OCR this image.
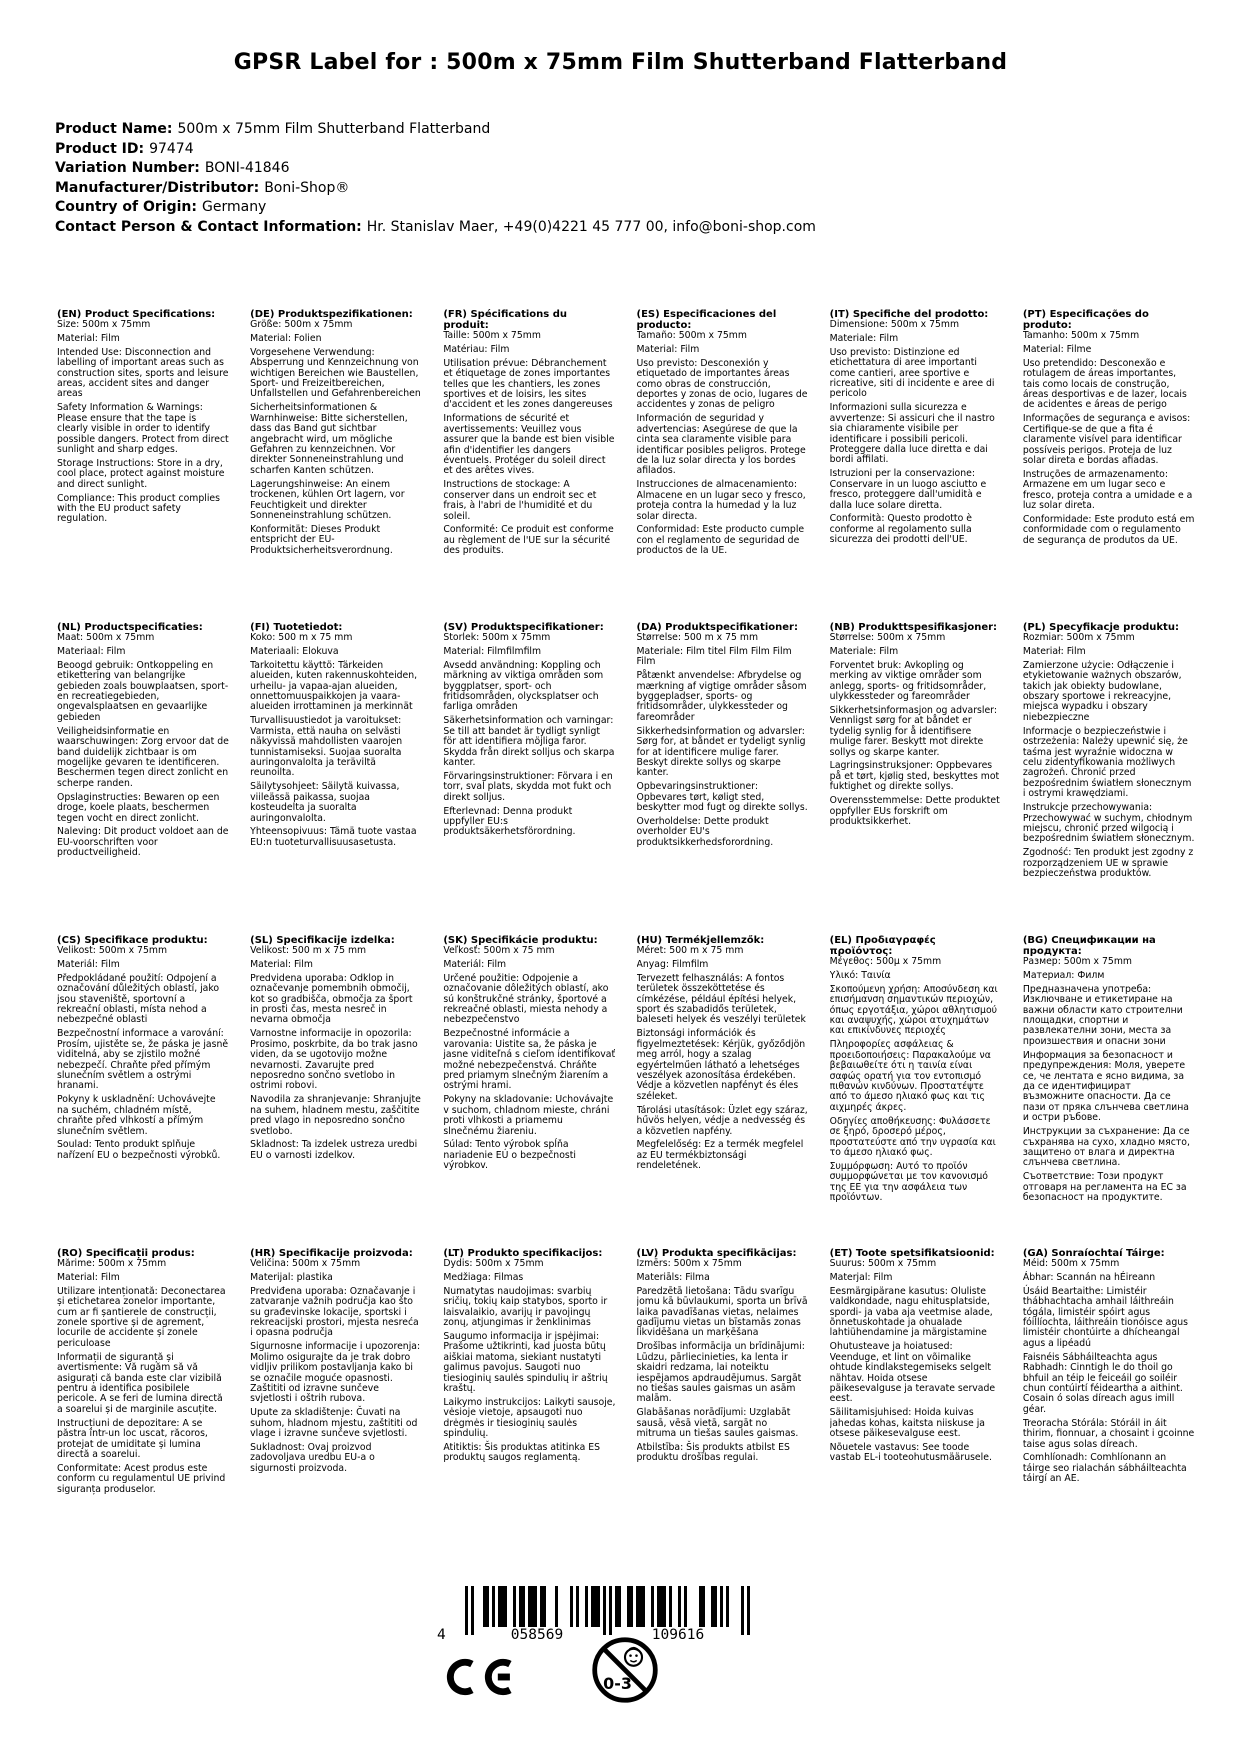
GPSR Label for : 500m x 75mm Film Shutterband Flatterband
Product Name: 500m x 75mm Film Shutterband Flatterband
Product ID: 97474
Variation Number: BONI-41846
Manufacturer/Distributor: Boni-Shop®
Country of Origin: Germany
Contact Person & Contact Information: Hr. Stanislav Maer, +49(0)4221 45 777 00, info@boni-shop.com
(EN) Product Specifications:

Size: 500m x 75mm

Material: Film

Intended Use: Disconnection and labelling of important areas such as construction sites, sports and leisure areas, accident sites and danger areas

Safety Information & Warnings: Please ensure that the tape is clearly visible in order to identify possible dangers. Protect from direct sunlight and sharp edges.

Storage Instructions: Store in a dry, cool place, protect against moisture and direct sunlight.

Compliance: This product complies with the EU product safety regulation.

(DE) Produktspezifikationen:

Größe: 500m x 75mm

Material: Folien

Vorgesehene Verwendung: Absperrung und Kennzeichnung von wichtigen Bereichen wie Baustellen, Sport- und Freizeitbereichen, Unfallstellen und Gefahrenbereichen

Sicherheitsinformationen & Warnhinweise: Bitte sicherstellen, dass das Band gut sichtbar angebracht wird, um mögliche Gefahren zu kennzeichnen. Vor direkter Sonneneinstrahlung und scharfen Kanten schützen.

Lagerungshinweise: An einem trockenen, kühlen Ort lagern, vor Feuchtigkeit und direkter Sonneneinstrahlung schützen.

Konformität: Dieses Produkt entspricht der EU-Produktsicherheitsverordnung.

(FR) Spécifications du produit:

Taille: 500m x 75mm

Matériau: Film

Utilisation prévue: Débranchement et étiquetage de zones importantes telles que les chantiers, les zones sportives et de loisirs, les sites d'accident et les zones dangereuses

Informations de sécurité et avertissements: Veuillez vous assurer que la bande est bien visible afin d'identifier les dangers éventuels. Protéger du soleil direct et des arêtes vives.

Instructions de stockage: A conserver dans un endroit sec et frais, à l'abri de l'humidité et du soleil.

Conformité: Ce produit est conforme au règlement de l'UE sur la sécurité des produits.

(ES) Especificaciones del producto:

Tamaño: 500m x 75mm

Material: Film

Uso previsto: Desconexión y etiquetado de importantes áreas como obras de construcción, deportes y zonas de ocio, lugares de accidentes y zonas de peligro

Información de seguridad y advertencias: Asegúrese de que la cinta sea claramente visible para identificar posibles peligros. Protege de la luz solar directa y los bordes afilados.

Instrucciones de almacenamiento: Almacene en un lugar seco y fresco, proteja contra la humedad y la luz solar directa.

Conformidad: Este producto cumple con el reglamento de seguridad de productos de la UE.

(IT) Specifiche del prodotto:

Dimensione: 500m x 75mm

Materiale: Film

Uso previsto: Distinzione ed etichettatura di aree importanti come cantieri, aree sportive e ricreative, siti di incidente e aree di pericolo

Informazioni sulla sicurezza e avvertenze: Si assicuri che il nastro sia chiaramente visibile per identificare i possibili pericoli. Proteggere dalla luce diretta e dai bordi affilati.

Istruzioni per la conservazione: Conservare in un luogo asciutto e fresco, proteggere dall'umidità e dalla luce solare diretta.

Conformità: Questo prodotto è conforme al regolamento sulla sicurezza dei prodotti dell'UE.

(PT) Especificações do produto:

Tamanho: 500m x 75mm

Material: Filme

Uso pretendido: Desconexão e rotulagem de áreas importantes, tais como locais de construção, áreas desportivas e de lazer, locais de acidentes e áreas de perigo

Informações de segurança e avisos: Certifique-se de que a fita é claramente visível para identificar possíveis perigos. Proteja de luz solar direta e bordas afiadas.

Instruções de armazenamento: Armazene em um lugar seco e fresco, proteja contra a umidade e a luz solar direta.

Conformidade: Este produto está em conformidade com o regulamento de segurança de produtos da UE.

(NL) Productspecificaties:

Maat: 500m x 75mm

Materiaal: Film

Beoogd gebruik: Ontkoppeling en etikettering van belangrijke gebieden zoals bouwplaatsen, sport- en recreatiegebieden, ongevalsplaatsen en gevaarlijke gebieden

Veiligheidsinformatie en waarschuwingen: Zorg ervoor dat de band duidelijk zichtbaar is om mogelijke gevaren te identificeren. Beschermen tegen direct zonlicht en scherpe randen.

Opslaginstructies: Bewaren op een droge, koele plaats, beschermen tegen vocht en direct zonlicht.

Naleving: Dit product voldoet aan de EU-voorschriften voor productveiligheid.

(FI) Tuotetiedot:

Koko: 500 m x 75 mm

Materiaali: Elokuva

Tarkoitettu käyttö: Tärkeiden alueiden, kuten rakennuskohteiden, urheilu- ja vapaa-ajan alueiden, onnettomuuspaikkojen ja vaara-alueiden irrottaminen ja merkinnät

Turvallisuustiedot ja varoitukset: Varmista, että nauha on selvästi näkyvissä mahdollisten vaarojen tunnistamiseksi. Suojaa suoralta auringonvalolta ja teräviltä reunoilta.

Säilytysohjeet: Säilytä kuivassa, viileässä paikassa, suojaa kosteudelta ja suoralta auringonvalolta.

Yhteensopivuus: Tämä tuote vastaa EU:n tuoteturvallisuusasetusta.

(SV) Produktspecifikationer:

Storlek: 500m x 75mm

Material: Filmfilmfilm

Avsedd användning: Koppling och märkning av viktiga områden som byggplatser, sport- och fritidsområden, olycksplatser och farliga områden

Säkerhetsinformation och varningar: Se till att bandet är tydligt synligt för att identifiera möjliga faror. Skydda från direkt solljus och skarpa kanter.

Förvaringsinstruktioner: Förvara i en torr, sval plats, skydda mot fukt och direkt solljus.

Efterlevnad: Denna produkt uppfyller EU:s produktsäkerhetsförordning.

(DA) Produktspecifikationer:

Størrelse: 500 m x 75 mm

Materiale: Film titel Film Film Film Film

Påtænkt anvendelse: Afbrydelse og mærkning af vigtige områder såsom byggepladser, sports- og fritidsområder, ulykkessteder og fareområder

Sikkerhedsinformation og advarsler: Sørg for, at båndet er tydeligt synlig for at identificere mulige farer. Beskyt direkte sollys og skarpe kanter.

Opbevaringsinstruktioner: Opbevares tørt, køligt sted, beskytter mod fugt og direkte sollys.

Overholdelse: Dette produkt overholder EU's produktsikkerhedsforordning.

(NB) Produkttspesifikasjoner:

Størrelse: 500m x 75mm

Materiale: Film

Forventet bruk: Avkopling og merking av viktige områder som anlegg, sports- og fritidsområder, ulykkessteder og fareområder

Sikkerhetsinformasjon og advarsler: Vennligst sørg for at båndet er tydelig synlig for å identifisere mulige farer. Beskytt mot direkte sollys og skarpe kanter.

Lagringsinstruksjoner: Oppbevares på et tørt, kjølig sted, beskyttes mot fuktighet og direkte sollys.

Overensstemmelse: Dette produktet oppfyller EUs forskrift om produktsikkerhet.

(PL) Specyfikacje produktu:

Rozmiar: 500m x 75mm

Materiał: Film

Zamierzone użycie: Odłączenie i etykietowanie ważnych obszarów, takich jak obiekty budowlane, obszary sportowe i rekreacyjne, miejsca wypadku i obszary niebezpieczne

Informacje o bezpieczeństwie i ostrzeżenia: Należy upewnić się, że taśma jest wyraźnie widoczna w celu zidentyfikowania możliwych zagrożeń. Chronić przed bezpośrednim światłem słonecznym i ostrymi krawędziami.

Instrukcje przechowywania: Przechowywać w suchym, chłodnym miejscu, chronić przed wilgocią i bezpośrednim światłem słonecznym.

Zgodność: Ten produkt jest zgodny z rozporządzeniem UE w sprawie bezpieczeństwa produktów.

(CS) Specifikace produktu:

Velikost: 500m x 75mm

Materiál: Film

Předpokládané použití: Odpojení a označování důležitých oblastí, jako jsou staveniště, sportovní a rekreační oblasti, místa nehod a nebezpečné oblasti

Bezpečnostní informace a varování: Prosím, ujistěte se, že páska je jasně viditelná, aby se zjistilo možné nebezpečí. Chraňte před přímým slunečním světlem a ostrými hranami.

Pokyny k uskladnění: Uchovávejte na suchém, chladném místě, chraňte před vlhkostí a přímým slunečním světlem.

Soulad: Tento produkt splňuje nařízení EU o bezpečnosti výrobků.

(SL) Specifikacije izdelka:

Velikost: 500 m x 75 mm

Material: Film

Predvidena uporaba: Odklop in označevanje pomembnih območij, kot so gradbišča, območja za šport in prosti čas, mesta nesreč in nevarna območja

Varnostne informacije in opozorila: Prosimo, poskrbite, da bo trak jasno viden, da se ugotovijo možne nevarnosti. Zavarujte pred neposredno sončno svetlobo in ostrimi robovi.

Navodila za shranjevanje: Shranjujte na suhem, hladnem mestu, zaščitite pred vlago in neposredno sončno svetlobo.

Skladnost: Ta izdelek ustreza uredbi EU o varnosti izdelkov.

(SK) Špecifikácie produktu:

Veľkosť: 500m x 75 mm

Materiál: Film

Určené použitie: Odpojenie a označovanie dôležitých oblastí, ako sú konštrukčné stránky, športové a rekreačné oblasti, miesta nehody a nebezpečenstvo

Bezpečnostné informácie a varovania: Uistite sa, že páska je jasne viditeľná s cieľom identifikovať možné nebezpečenstvá. Chráňte pred priamym slnečným žiarením a ostrými hrami.

Pokyny na skladovanie: Uchovávajte v suchom, chladnom mieste, chráni proti vlhkosti a priamemu slnečnému žiareniu.

Súlad: Tento výrobok spĺňa nariadenie EÚ o bezpečnosti výrobkov.

(HU) Termékjellemzők:

Méret: 500 m x 75 mm

Anyag: Filmfilm

Tervezett felhasználás: A fontos területek összeköttetése és címkézése, például építési helyek, sport és szabadidős területek, baleseti helyek és veszélyi területek

Biztonsági információk és figyelmeztetések: Kérjük, győződjön meg arról, hogy a szalag egyértelműen látható a lehetséges veszélyek azonosítása érdekében. Védje a közvetlen napfényt és éles széleket.

Tárolási utasítások: Üzlet egy száraz, hűvös helyen, védje a nedvesség és a közvetlen napfény.

Megfelelőség: Ez a termék megfelel az EU termékbiztonsági rendeletének.

(EL) Προδιαγραφές προϊόντος:

Μέγεθος: 500μ x 75mm

Υλικό: Ταινία

Σκοπούμενη χρήση: Αποσύνδεση και επισήμανση σημαντικών περιοχών, όπως εργοτάξια, χώροι αθλητισμού και αναψυχής, χώροι ατυχημάτων και επικίνδυνες περιοχές

Πληροφορίες ασφάλειας & προειδοποιήσεις: Παρακαλούμε να βεβαιωθείτε ότι η ταινία είναι σαφώς ορατή για τον εντοπισμό πιθανών κινδύνων. Προστατέψτε από το άμεσο ηλιακό φως και τις αιχμηρές άκρες.

Οδηγίες αποθήκευσης: Φυλάσσετε σε ξηρό, δροσερό μέρος, προστατεύστε από την υγρασία και το άμεσο ηλιακό φως.

Συμμόρφωση: Αυτό το προϊόν συμμορφώνεται με τον κανονισμό της ΕΕ για την ασφάλεια των προϊόντων.

(BG) Спецификации на продукта:

Размер: 500m x 75mm

Материал: Филм

Предназначена употреба: Изключване и етикетиране на важни области като строителни площадки, спортни и развлекателни зони, места за произшествия и опасни зони

Информация за безопасност и предупреждения: Моля, уверете се, че лентата е ясно видима, за да се идентифицират възможните опасности. Да се пази от пряка слънчева светлина и остри ръбове.

Инструкции за съхранение: Да се съхранява на сухо, хладно място, защитено от влага и директна слънчева светлина.

Съответствие: Този продукт отговаря на регламента на ЕС за безопасност на продуктите.

(RO) Specificații produs:

Mărime: 500m x 75mm

Material: Film

Utilizare intenționată: Deconectarea și etichetarea zonelor importante, cum ar fi șantierele de construcții, zonele sportive și de agrement, locurile de accidente și zonele periculoase

Informații de siguranță și avertismente: Vă rugăm să vă asigurați că banda este clar vizibilă pentru a identifica posibilele pericole. A se feri de lumina directă a soarelui și de marginile ascuțite.

Instrucțiuni de depozitare: A se păstra într-un loc uscat, răcoros, protejat de umiditate și lumina directă a soarelui.

Conformitate: Acest produs este conform cu regulamentul UE privind siguranța produselor.

(HR) Specifikacije proizvoda:

Veličina: 500m x 75mm

Materijal: plastika

Predviđena uporaba: Označavanje i zatvaranje važnih područja kao što su građevinske lokacije, sportski i rekreacijski prostori, mjesta nesreća i opasna područja

Sigurnosne informacije i upozorenja: Molimo osigurajte da je trak dobro vidljiv prilikom postavljanja kako bi se označile moguće opasnosti. Zaštititi od izravne sunčeve svjetlosti i oštrih rubova.

Upute za skladištenje: Čuvati na suhom, hladnom mjestu, zaštititi od vlage i izravne sunčeve svjetlosti.

Sukladnost: Ovaj proizvod zadovoljava uredbu EU-a o sigurnosti proizvoda.

(LT) Produkto specifikacijos:

Dydis: 500m x 75mm

Medžiaga: Filmas

Numatytas naudojimas: svarbių sričių, tokių kaip statybos, sporto ir laisvalaikio, avarijų ir pavojingų zonų, atjungimas ir ženklinimas

Saugumo informacija ir įspėjimai: Prašome užtikrinti, kad juosta būtų aiškiai matoma, siekiant nustatyti galimus pavojus. Saugoti nuo tiesioginių saulės spindulių ir aštrių kraštų.

Laikymo instrukcijos: Laikyti sausoje, vėsioje vietoje, apsaugoti nuo drėgmės ir tiesioginių saulės spindulių.

Atitiktis: Šis produktas atitinka ES produktų saugos reglamentą.

(LV) Produkta specifikācijas:

Izmērs: 500m x 75mm

Materiāls: Filma

Paredzētā lietošana: Tādu svarīgu jomu kā būvlaukumi, sporta un brīvā laika pavadīšanas vietas, nelaimes gadījumu vietas un bīstamās zonas likvidēšana un marķēšana

Drošības informācija un brīdinājumi: Lūdzu, pārliecinieties, ka lenta ir skaidri redzama, lai noteiktu iespējamos apdraudējumus. Sargāt no tiešas saules gaismas un asām malām.

Glabāšanas norādījumi: Uzglabāt sausā, vēsā vietā, sargāt no mitruma un tiešas saules gaismas.

Atbilstība: Šis produkts atbilst ES produktu drošības regulai.

(ET) Toote spetsifikatsioonid:

Suurus: 500m x 75mm

Materjal: Film

Eesmärgipärane kasutus: Oluliste valdkondade, nagu ehitusplatside, spordi- ja vaba aja veetmise alade, õnnetuskohtade ja ohualade lahtiühendamine ja märgistamine

Ohutusteave ja hoiatused: Veenduge, et lint on võimalike ohtude kindlakstegemiseks selgelt nähtav. Hoida otsese päikesevalguse ja teravate servade eest.

Säilitamisjuhised: Hoida kuivas jahedas kohas, kaitsta niiskuse ja otsese päikesevalguse eest.

Nõuetele vastavus: See toode vastab EL-i tooteohutusmäärusele.

(GA) Sonraíochtaí Táirge:

Méid: 500m x 75mm

Ábhar: Scannán na hÉireann

Úsáid Beartaithe: Limistéir thábhachtacha amhail láithreáin tógála, limistéir spóirt agus fóillíochta, láithreáin tionóisce agus limistéir chontúirte a dhícheangal agus a lipéadú

Faisnéis Sábháilteachta agus Rabhadh: Cinntigh le do thoil go bhfuil an téip le feiceáil go soiléir chun contúirtí féideartha a aithint. Cosain ó solas díreach agus imill géar.

Treoracha Stórála: Stóráil in áit thirim, fionnuar, a chosaint i gcoinne taise agus solas díreach.

Comhlíonadh: Comhlíonann an táirge seo rialachán sábháilteachta táirgí an AE.

4	058569	109616
0-3
